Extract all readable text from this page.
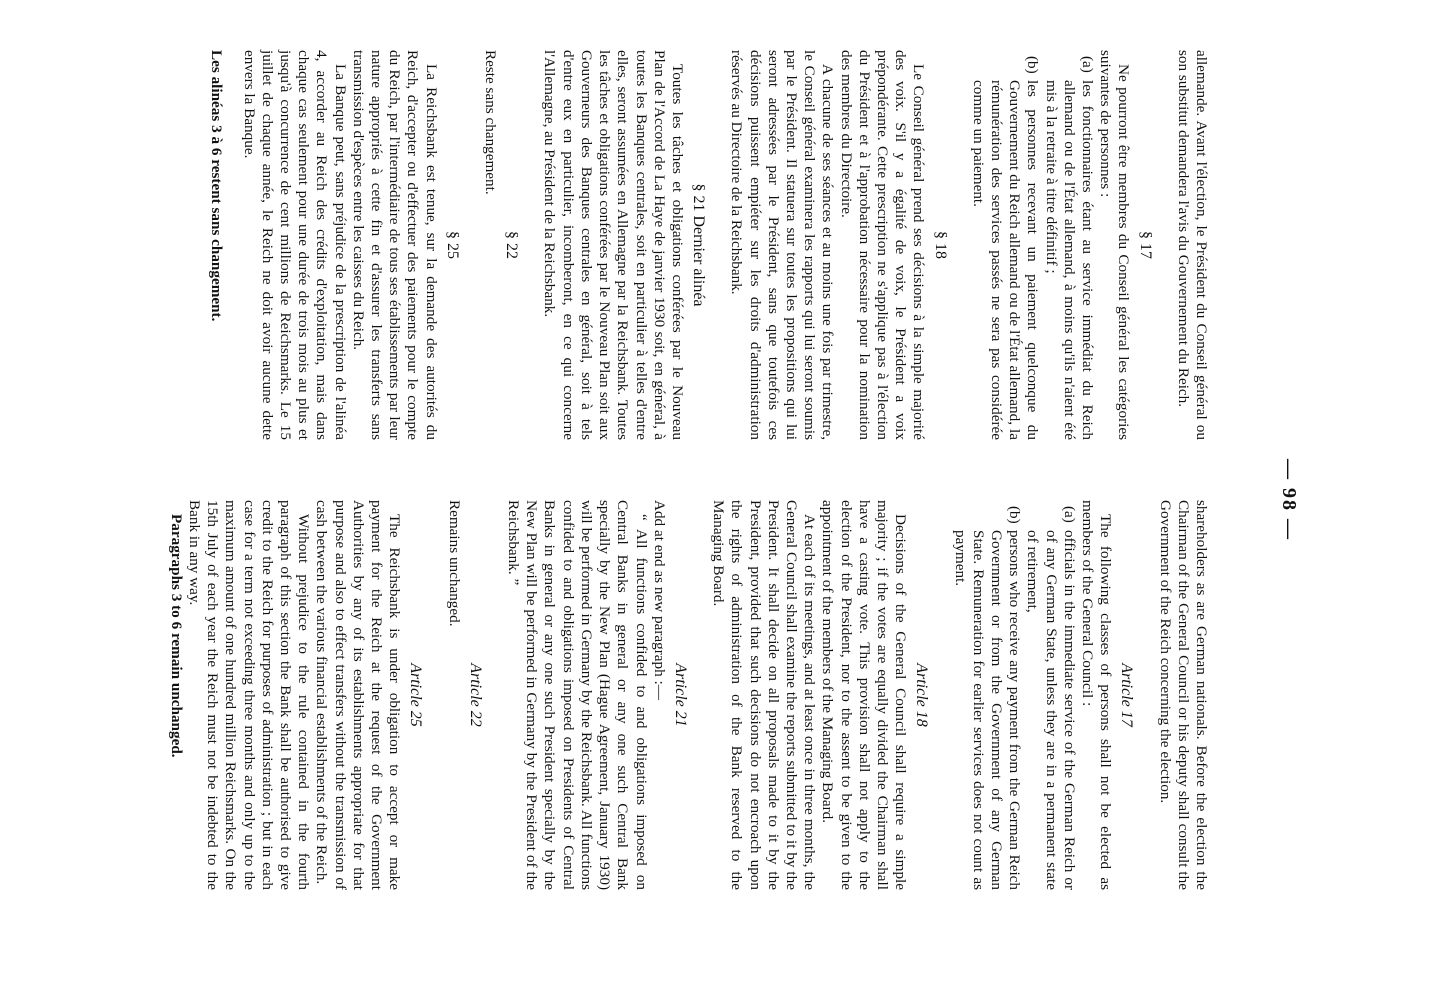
— 98 —

allemande. Avant l'élection, le Président du Conseil général ou son substitut demandera l'avis du Gouvernement du Reich.

§ 17

Ne pourront être membres du Conseil général les catégories suivantes de personnes :

(a)
les fonctionnaires étant au service immédiat du Reich allemand ou de l'État allemand, à moins qu'ils n'aient été mis à la retraite à titre définitif ;
(b)
les personnes recevant un paiement quelconque du Gouvernement du Reich allemand ou de l'État allemand, la rémunération des services passés ne sera pas considérée comme un paiement.
§ 18

Le Conseil général prend ses décisions à la simple majorité des voix. S'il y a égalité de voix, le Président a voix prépondérante. Cette prescription ne s'applique pas à l'élection du Président et à l'approbation nécessaire pour la nomination des membres du Directoire.

A chacune de ses séances et au moins une fois par trimestre, le Conseil général examinera les rapports qui lui seront soumis par le Président. Il statuera sur toutes les propositions qui lui seront adressées par le Président, sans que toutefois ces décisions puissent empiéter sur les droits d'administration réservés au Directoire de la Reichsbank.

§ 21 Dernier alinéa

Toutes les tâches et obligations conférées par le Nouveau Plan de l'Accord de La Haye de janvier 1930 soit, en général, à toutes les Banques centrales, soit en particulier à telles d'entre elles, seront assumées en Allemagne par la Reichsbank. Toutes les tâches et obligations conférées par le Nouveau Plan soit aux Gouverneurs des Banques centrales en général, soit à tels d'entre eux en particulier, incomberont, en ce qui concerne l'Allemagne, au Président de la Reichsbank.

§ 22

Reste sans changement.

§ 25

La Reichsbank est tenue, sur la demande des autorités du Reich, d'accepter ou d'effectuer des paiements pour le compte du Reich, par l'intermédiaire de tous ses établissements par leur nature appropriés à cette fin et d'assurer les transferts sans transmission d'espèces entre les caisses du Reich.

La Banque peut, sans préjudice de la prescription de l'alinéa 4, accorder au Reich des crédits d'exploitation, mais dans chaque cas seulement pour une durée de trois mois au plus et jusqu'à concurrence de cent millions de Reichsmarks. Le 15 juillet de chaque année, le Reich ne doit avoir aucune dette envers la Banque.

Les alinéas 3 à 6 restent sans changement.

shareholders as are German nationals. Before the election the Chairman of the General Council or his deputy shall consult the Government of the Reich concerning the election.

Article 17

The following classes of persons shall not be elected as members of the General Council :

(a)
officials in the immediate service of the German Reich or of any German State, unless they are in a permanent state of retirement,
(b)
persons who receive any payment from the German Reich Government or from the Government of any German State. Remuneration for earlier services does not count as payment.
Article 18

Decisions of the General Council shall require a simple majority ; if the votes are equally divided the Chairman shall have a casting vote. This provision shall not apply to the election of the President, nor to the assent to be given to the appointment of the members of the Managing Board.

At each of its meetings, and at least once in three months, the General Council shall examine the reports submitted to it by the President. It shall decide on all proposals made to it by the President, provided that such decisions do not encroach upon the rights of administration of the Bank reserved to the Managing Board.

Article 21

Add at end as new paragraph :—

“ All functions confided to and obligations imposed on Central Banks in general or any one such Central Bank specially by the New Plan (Hague Agreement, January 1930) will be performed in Germany by the Reichsbank. All functions confided to and obligations imposed on Presidents of Central Banks in general or any one such President specially by the New Plan will be performed in Germany by the President of the Reichsbank. ”

Article 22

Remains unchanged.

Article 25

The Reichsbank is under obligation to accept or make payment for the Reich at the request of the Government Authorities by any of its establishments appropriate for that purpose and also to effect transfers without the transmission of cash between the various financial establishments of the Reich.

Without prejudice to the rule contained in the fourth paragraph of this section the Bank shall be authorised to give credit to the Reich for purposes of administration ; but in each case for a term not exceeding three months and only up to the maximum amount of one hundred million Reichsmarks. On the 15th July of each year the Reich must not be indebted to the Bank in any way.

Paragraphs 3 to 6 remain unchanged.
